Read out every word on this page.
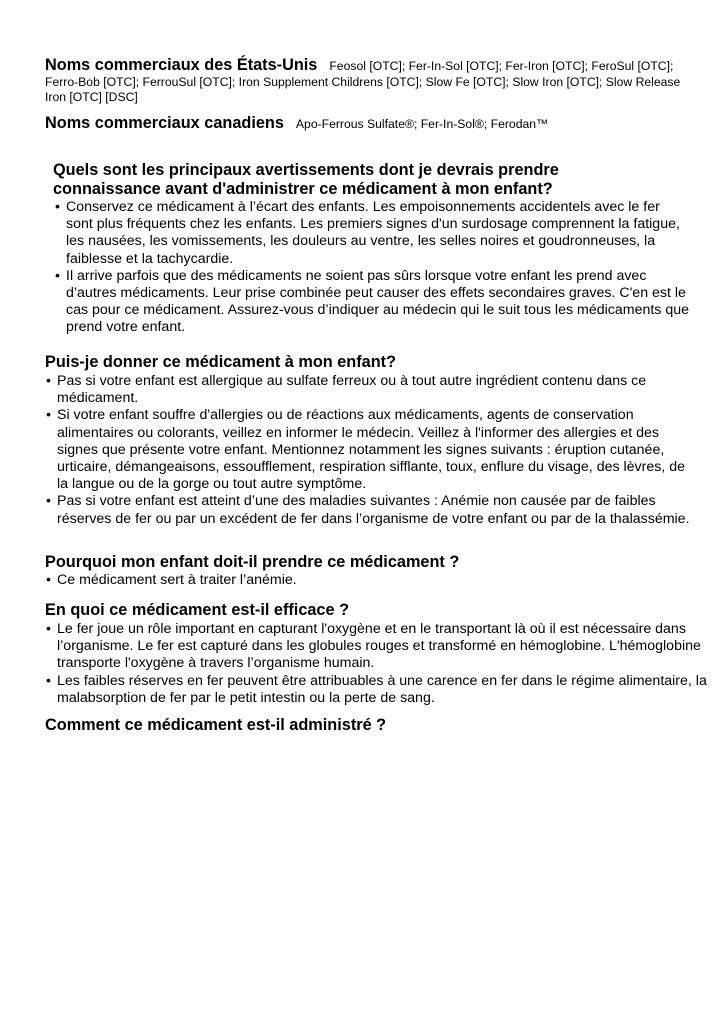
Noms commerciaux des États-Unis Feosol [OTC]; Fer-In-Sol [OTC]; Fer-Iron [OTC]; FeroSul [OTC]; Ferro-Bob [OTC]; FerrouSul [OTC]; Iron Supplement Childrens [OTC]; Slow Fe [OTC]; Slow Iron [OTC]; Slow Release Iron [OTC] [DSC]
Noms commerciaux canadiens Apo-Ferrous Sulfate®; Fer-In-Sol®; Ferodan™
Quels sont les principaux avertissements dont je devrais prendre connaissance avant d'administrer ce médicament à mon enfant?
• Conservez ce médicament à l’écart des enfants. Les empoisonnements accidentels avec le fer sont plus fréquents chez les enfants. Les premiers signes d'un surdosage comprennent la fatigue, les nausées, les vomissements, les douleurs au ventre, les selles noires et goudronneuses, la faiblesse et la tachycardie.
• Il arrive parfois que des médicaments ne soient pas sûrs lorsque votre enfant les prend avec d’autres médicaments. Leur prise combinée peut causer des effets secondaires graves. C'en est le cas pour ce médicament. Assurez-vous d’indiquer au médecin qui le suit tous les médicaments que prend votre enfant.
Puis-je donner ce médicament à mon enfant?
• Pas si votre enfant est allergique au sulfate ferreux ou à tout autre ingrédient contenu dans ce médicament.
• Si votre enfant souffre d'allergies ou de réactions aux médicaments, agents de conservation alimentaires ou colorants, veillez en informer le médecin. Veillez à l'informer des allergies et des signes que présente votre enfant. Mentionnez notamment les signes suivants : éruption cutanée, urticaire, démangeaisons, essoufflement, respiration sifflante, toux, enflure du visage, des lèvres, de la langue ou de la gorge ou tout autre symptôme.
• Pas si votre enfant est atteint d’une des maladies suivantes : Anémie non causée par de faibles réserves de fer ou par un excédent de fer dans l’organisme de votre enfant ou par de la thalassémie.
Pourquoi mon enfant doit-il prendre ce médicament ?
• Ce médicament sert à traiter l’anémie.
En quoi ce médicament est-il efficace ?
• Le fer joue un rôle important en capturant l'oxygène et en le transportant là où il est nécessaire dans l’organisme. Le fer est capturé dans les globules rouges et transformé en hémoglobine. L'hémoglobine transporte l'oxygène à travers l’organisme humain.
• Les faibles réserves en fer peuvent être attribuables à une carence en fer dans le régime alimentaire, la malabsorption de fer par le petit intestin ou la perte de sang.
Comment ce médicament est-il administré ?
